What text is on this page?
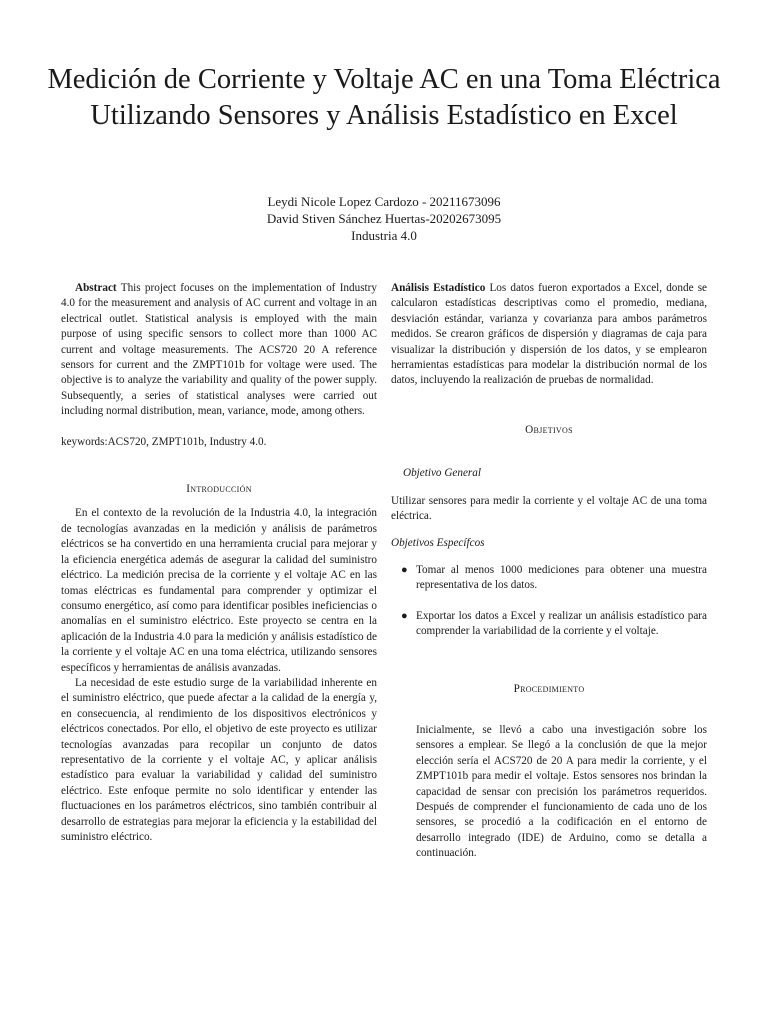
Medición de Corriente y Voltaje AC en una Toma Eléctrica Utilizando Sensores y Análisis Estadístico en Excel
Leydi Nicole Lopez Cardozo - 20211673096
David Stiven Sánchez Huertas-2020267309​5
Industria 4.0

Abstract This project focuses on the implementation of Industry 4.0 for the measurement and analysis of AC current and voltage in an electrical outlet. Statistical analysis is employed with the main purpose of using specific sensors to collect more than 1000 AC current and voltage measurements. The ACS720 20 A reference sensors for current and the ZMPT101b for voltage were used. The objective is to analyze the variability and quality of the power supply. Subsequently, a series of statistical analyses were carried out including normal distribution, mean, variance, mode, among others.

keywords:ACS720, ZMPT101b, Industry 4.0.

Introducción

En el contexto de la revolución de la Industria 4.0, la integración de tecnologías avanzadas en la medición y análisis de parámetros eléctricos se ha convertido en una herramienta crucial para mejorar y la eficiencia energética además de asegurar la calidad del suministro eléctrico. La medición precisa de la corriente y el voltaje AC en las tomas eléctricas es fundamental para comprender y optimizar el consumo energético, así como para identificar posibles ineficiencias o anomalías en el suministro eléctrico. Este proyecto se centra en la aplicación de la Industria 4.0 para la medición y análisis estadístico de la corriente y el voltaje AC en una toma eléctrica, utilizando sensores específicos y herramientas de análisis avanzadas.

La necesidad de este estudio surge de la variabilidad inherente en el suministro eléctrico, que puede afectar a la calidad de la energía y, en consecuencia, al rendimiento de los dispositivos electrónicos y eléctricos conectados. Por ello, el objetivo de este proyecto es utilizar tecnologías avanzadas para recopilar un conjunto de datos representativo de la corriente y el voltaje AC, y aplicar análisis estadístico para evaluar la variabilidad y calidad del suministro eléctrico. Este enfoque permite no solo identificar y entender las fluctuaciones en los parámetros eléctricos, sino también contribuir al desarrollo de estrategias para mejorar la eficiencia y la estabilidad del suministro eléctrico.

Análisis Estadístico Los datos fueron exportados a Excel, donde se calcularon estadísticas descriptivas como el promedio, mediana, desviación estándar, varianza y covarianza para ambos parámetros medidos. Se crearon gráficos de dispersión y diagramas de caja para visualizar la distribución y dispersión de los datos, y se emplearon herramientas estadísticas para modelar la distribución normal de los datos, incluyendo la realización de pruebas de normalidad.

Objetivos

Objetivo General

Utilizar sensores para medir la corriente y el voltaje AC de una toma eléctrica.

Objetivos Específcos

● Tomar al menos 1000 mediciones para obtener una muestra representativa de los datos.
● Exportar los datos a Excel y realizar un análisis estadístico para comprender la variabilidad de la corriente y el voltaje.

Procedimiento

Inicialmente, se llevó a cabo una investigación sobre los sensores a emplear. Se llegó a la conclusión de que la mejor elección sería el ACS720 de 20 A para medir la corriente, y el ZMPT101b para medir el voltaje. Estos sensores nos brindan la capacidad de sensar con precisión los parámetros requeridos. Después de comprender el funcionamiento de cada uno de los sensores, se procedió a la codificación en el entorno de desarrollo integrado (IDE) de Arduino, como se detalla a continuación.
